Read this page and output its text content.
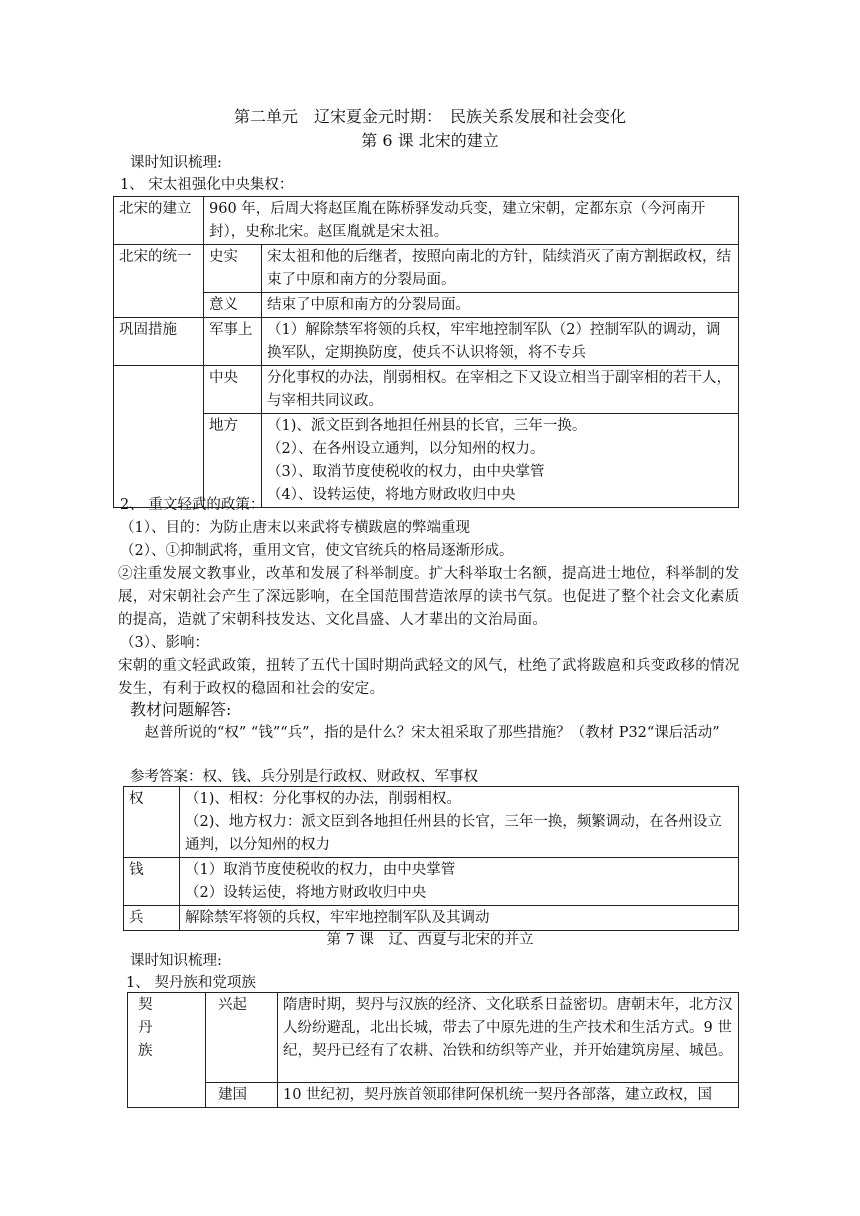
第二单元　辽宋夏金元时期：　民族关系发展和社会变化
第 6 课 北宋的建立
课时知识梳理:
1、 宋太祖强化中央集权：
北宋的建立	960 年，后周大将赵匡胤在陈桥驿发动兵变，建立宋朝，定都东京（今河南开封），史称北宋。赵匡胤就是宋太祖。	
北宋的统一	史实	宋太祖和他的后继者，按照向南北的方针，陆续消灭了南方割据政权，结束了中原和南方的分裂局面。
	意义	结束了中原和南方的分裂局面。
巩固措施	军事上	（1）解除禁军将领的兵权，牢牢地控制军队（2）控制军队的调动，调换军队，定期换防度，使兵不认识将领，将不专兵
	中央	分化事权的办法，削弱相权。在宰相之下又设立相当于副宰相的若干人，与宰相共同议政。
	地方	（1)、派文臣到各地担任州县的长官，三年一换。
（2）、在各州设立通判，以分知州的权力。
（3）、取消节度使税收的权力，由中央掌管
（4）、设转运使，将地方财政收归中央
2、 重文轻武的政策：
（1）、目的：为防止唐末以来武将专横跋扈的弊端重现
（2）、①抑制武将，重用文官，使文官统兵的格局逐渐形成。
②注重发展文教事业，改革和发展了科举制度。扩大科举取士名额，提高进士地位，科举制的发展，对宋朝社会产生了深远影响，在全国范围营造浓厚的读书气氛。也促进了整个社会文化素质的提高，造就了宋朝科技发达、文化昌盛、人才辈出的文治局面。
（3）、影响：
宋朝的重文轻武政策，扭转了五代十国时期尚武轻文的风气，杜绝了武将跋扈和兵变政移的情况发生，有利于政权的稳固和社会的安定。
教材问题解答:
　赵普所说的“权” “钱”“兵”，指的是什么？宋太祖采取了那些措施？（教材 P32“课后活动”
参考答案：权、钱、兵分别是行政权、财政权、军事权
权	（1)、相权：分化事权的办法，削弱相权。
（2)、地方权力：派文臣到各地担任州县的长官，三年一换，频繁调动，在各州设立通判，以分知州的权力

钱	（1）取消节度使税收的权力，由中央掌管
（2）设转运使，将地方财政收归中央

兵	解除禁军将领的兵权，牢牢地控制军队及其调动
第 7 课　辽、西夏与北宋的并立
课时知识梳理:
1、 契丹族和党项族
契
丹
族	兴起	隋唐时期，契丹与汉族的经济、文化联系日益密切。唐朝末年，北方汉人纷纷避乱，北出长城，带去了中原先进的生产技术和生活方式。9 世纪，契丹已经有了农耕、冶铁和纺织等产业，并开始建筑房屋、城邑。
	建国	10 世纪初，契丹族首领耶律阿保机统一契丹各部落，建立政权，国
